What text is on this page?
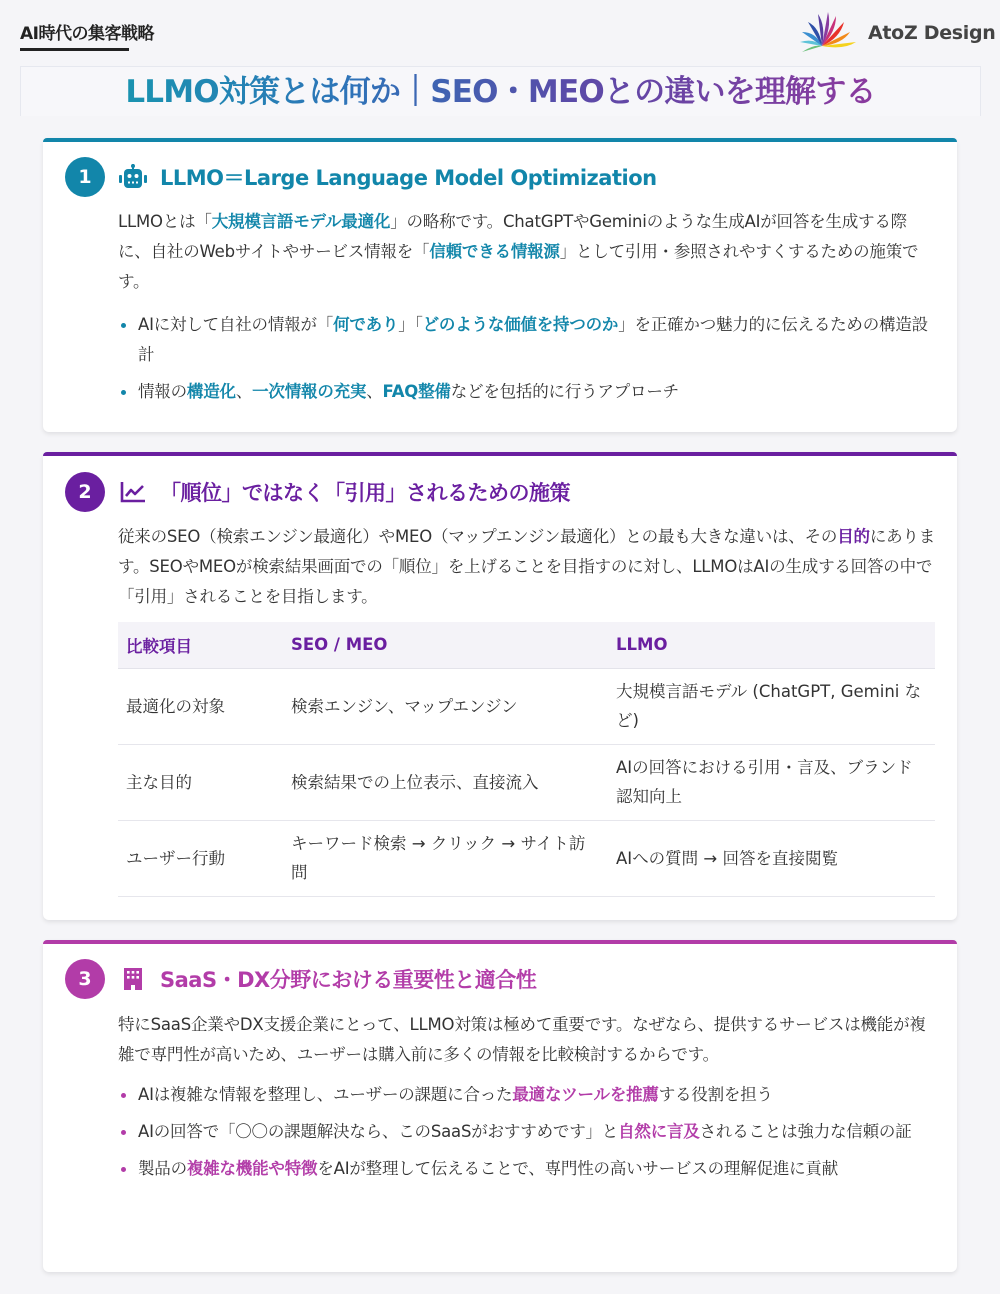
AI時代の集客戦略	AtoZ Design
LLMO対策とは何か｜SEO・MEOとの違いを理解する
1	LLMO＝Large Language Model Optimization

LLMOとは「大規模言語モデル最適化」の略称です。ChatGPTやGeminiのような生成AIが回答を生成する際に、自社のWebサイトやサービス情報を「信頼できる情報源」として引用・参照されやすくするための施策です。

AIに対して自社の情報が「何であり」「どのような価値を持つのか」を正確かつ魅力的に伝えるための構造設計
情報の構造化、一次情報の充実、FAQ整備などを包括的に行うアプローチ
2	「順位」ではなく「引用」されるための施策

従来のSEO（検索エンジン最適化）やMEO（マップエンジン最適化）との最も大きな違いは、その目的にあります。SEOやMEOが検索結果画面での「順位」を上げることを目指すのに対し、LLMOはAIの生成する回答の中で「引用」されることを目指します。

比較項目	SEO / MEO	LLMO
最適化の対象	検索エンジン、マップエンジン	大規模言語モデル (ChatGPT, Gemini など)
主な目的	検索結果での上位表示、直接流入	AIの回答における引用・言及、ブランド認知向上
ユーザー行動	キーワード検索 → クリック → サイト訪問	AIへの質問 → 回答を直接閲覧
3	SaaS・DX分野における重要性と適合性

特にSaaS企業やDX支援企業にとって、LLMO対策は極めて重要です。なぜなら、提供するサービスは機能が複雑で専門性が高いため、ユーザーは購入前に多くの情報を比較検討するからです。

AIは複雑な情報を整理し、ユーザーの課題に合った最適なツールを推薦する役割を担う
AIの回答で「〇〇の課題解決なら、このSaaSがおすすめです」と自然に言及されることは強力な信頼の証
製品の複雑な機能や特徴をAIが整理して伝えることで、専門性の高いサービスの理解促進に貢献
